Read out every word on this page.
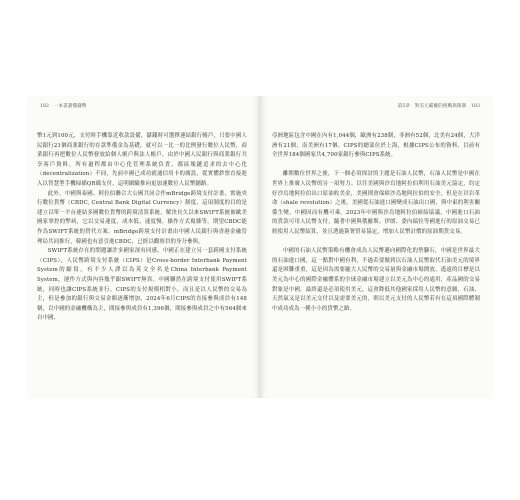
182 一本書讀懂錢幣

幣1元到100元，支付時手機靠近收款設備，儲錢時可選擇連結銀行帳戶，只要中國人民銀行21個商業銀行的存款準備金為基礎，就可以一比一的比例發行數位人民幣，商業銀行再把數位人民幣發放給個人帳戶與法人帳戶，由於中國人民銀行與商業銀行共享客戶資料，所有過程都由中心化管理系統負責，都區塊鏈追求的去中心化（decentralization）不同，先前中國已成功就通信用卡的廣設，從實體鈔票直接進入以智慧型手機掃描QR碼支付，這明網驗推向更加速數位人民幣鋪路。

此外，中國與泰國、阿拉伯聯合大公國共同合作mBridge跨境支付計畫，實施央行數位貨幣（CBDC, Central Bank Digital Currency）制度，這項制度的目的是建立以單一平台連結多國數位貨幣的跨境清算系統，解決長久以來SWIFT系統被歐美國家掌控的弊病，它以交易速度、成本低、速度慢、操作方式複雜等，期望CBDC能作為SWIFT系統的替代方案。mBridge跨境支付計畫由中國人民銀行與香港金融管理局共同推行，韓國也有意引進CBDC，已經以觀察員的身分參與。

SWIFT系統存在的問題讓許多國家深有同感，中國正在建立另一套跨國支付系統（CIPS），人民幣跨境支付系統（CIPS）是Cross-border Interbank Payment System的縮寫，有不少人譯以為英文全名是China Interbank Payment System，運作方式與內容幾乎跟SWIFT無異。中國聯然在跨境支付使用SWIFT系統，同時也讓CIPS系統並行，CIPS的支付規模相對小，而且是以人民幣的交易為主，但是參加的銀行與交易金額逐漸增加，2024年6月CIPS的直接參與成員有148個，以中國的金融機構為主，間接參與成員有1,396個，間接參與成員之中有564個來自中國、

第5章　對美元霸權的挑戰與限制 183

亞洲地區包含中國在內有1,044個，歐洲有238個，非洲有52個，北美有24個，大洋洲有21個，南美洲有17個。CIPS的總部位於上海，根據CIPS公布的資料，目前有全世界184個國家共4,700家銀行參與CIPS系統。

離開數位世界之後，下一個必須探討的主題是石油人民幣，石油人民幣是中國在世界上推廣人民幣的另一項努力。以往美國與沙烏地阿拉伯利用石油美元協定，約定好沙烏地阿拉伯出口原油收美金，美國則會保障沙烏地阿拉伯的安全，但是在頁岩革命（shale revolution）之後，美國從石油進口國變成石油出口國，與中東的利害關係生變，中國因而有機可乘。2023年中國與沙烏地阿拉伯締結協議，中國進口石油的貨款可用人民幣支付，隨著中國與俄羅斯、伊朗、委內瑞拉等國進行的原油交易已經使用人民幣結算，並且透過簽署貿易協定，增加人民幣計價的原油期貨交易。

中國的石油人民幣策略有機會成為人民幣邁向國際化的墊腳石，中國是世界最大的石油進口國，這一點對中國有利，不過若要做到以石油人民幣取代石油美元的境界還是困難重重，這是因為需要龐大人民幣的交易量與金融市場開放，遙遠的目標是以美元為中心的國際金融體系的全球金融市場建立以美元為中心的通用，產品國的交易對象是中國，最終還是必須使用美元，這會降低其他國家採用人民幣的意願，石油、天然氣又是以美元交付以及需要美元的，則以美元支付的人民幣若有在這項國際體制中成功成為一種小小的貨幣之路。
